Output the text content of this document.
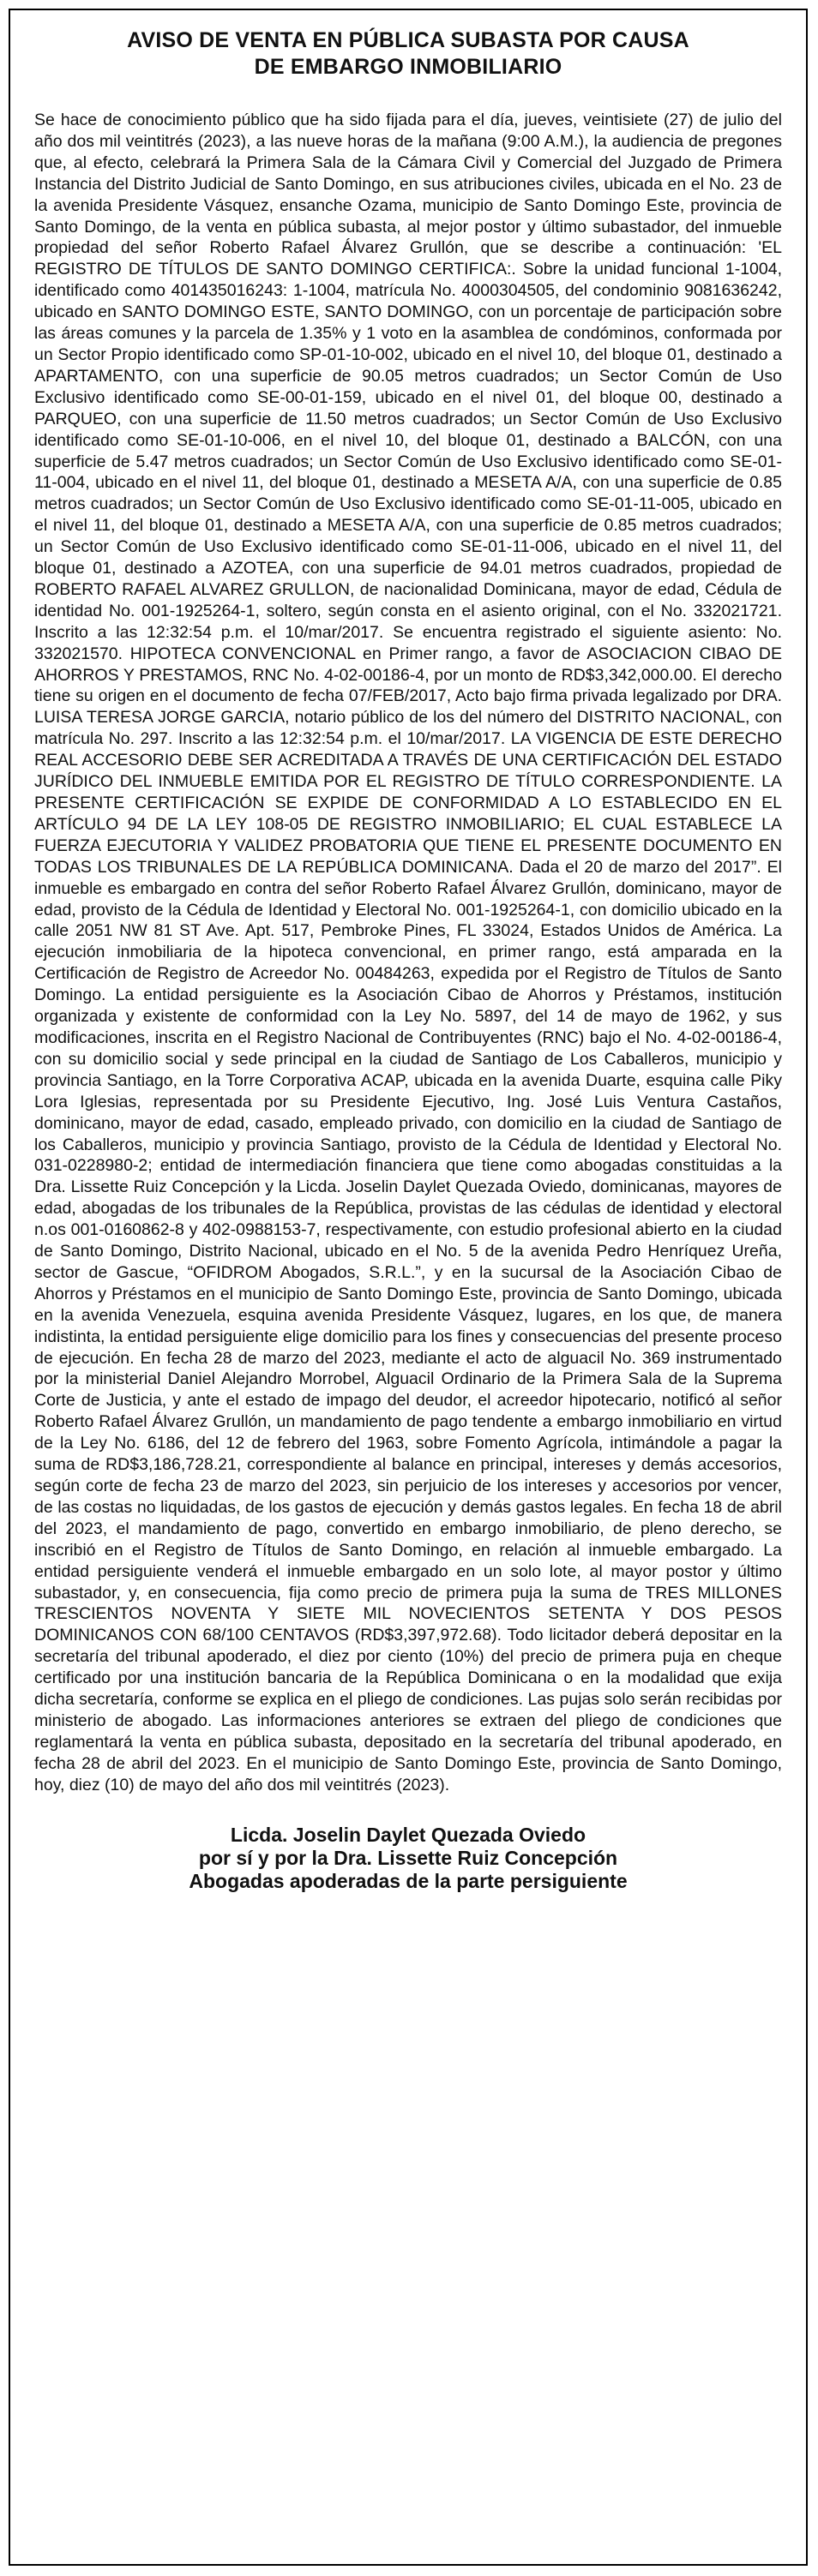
AVISO DE VENTA EN PÚBLICA SUBASTA POR CAUSA
DE EMBARGO INMOBILIARIO

Se hace de conocimiento público que ha sido fijada para el día, jueves, veintisiete (27) de julio del año dos mil veintitrés (2023), a las nueve horas de la mañana (9:00 A.M.), la audiencia de pregones que, al efecto, celebrará la Primera Sala de la Cámara Civil y Comercial del Juzgado de Primera Instancia del Distrito Judicial de Santo Domingo, en sus atribuciones civiles, ubicada en el No. 23 de la avenida Presidente Vásquez, ensanche Ozama, municipio de Santo Domingo Este, provincia de Santo Domingo, de la venta en pública subasta, al mejor postor y último subastador, del inmueble propiedad del señor Roberto Rafael Álvarez Grullón, que se describe a continuación: 'EL REGISTRO DE TÍTULOS DE SANTO DOMINGO CERTIFICA:. Sobre la unidad funcional 1-1004, identificado como 401435016243: 1-1004, matrícula No. 4000304505, del condominio 9081636242, ubicado en SANTO DOMINGO ESTE, SANTO DOMINGO, con un porcentaje de participación sobre las áreas comunes y la parcela de 1.35% y 1 voto en la asamblea de condóminos, conformada por un Sector Propio identificado como SP-01-10-002, ubicado en el nivel 10, del bloque 01, destinado a APARTAMENTO, con una superficie de 90.05 metros cuadrados; un Sector Común de Uso Exclusivo identificado como SE-00-01-159, ubicado en el nivel 01, del bloque 00, destinado a PARQUEO, con una superficie de 11.50 metros cuadrados; un Sector Común de Uso Exclusivo identificado como SE-01-10-006, en el nivel 10, del bloque 01, destinado a BALCÓN, con una superficie de 5.47 metros cuadrados; un Sector Común de Uso Exclusivo identificado como SE-01-11-004, ubicado en el nivel 11, del bloque 01, destinado a MESETA A/A, con una superficie de 0.85 metros cuadrados; un Sector Común de Uso Exclusivo identificado como SE-01-11-005, ubicado en el nivel 11, del bloque 01, destinado a MESETA A/A, con una superficie de 0.85 metros cuadrados; un Sector Común de Uso Exclusivo identificado como SE-01-11-006, ubicado en el nivel 11, del bloque 01, destinado a AZOTEA, con una superficie de 94.01 metros cuadrados, propiedad de ROBERTO RAFAEL ALVAREZ GRULLON, de nacionalidad Dominicana, mayor de edad, Cédula de identidad No. 001-1925264-1, soltero, según consta en el asiento original, con el No. 332021721. Inscrito a las 12:32:54 p.m. el 10/mar/2017. Se encuentra registrado el siguiente asiento: No. 332021570. HIPOTECA CONVENCIONAL en Primer rango, a favor de ASOCIACION CIBAO DE AHORROS Y PRESTAMOS, RNC No. 4-02-00186-4, por un monto de RD$3,342,000.00. El derecho tiene su origen en el documento de fecha 07/FEB/2017, Acto bajo firma privada legalizado por DRA. LUISA TERESA JORGE GARCIA, notario público de los del número del DISTRITO NACIONAL, con matrícula No. 297. Inscrito a las 12:32:54 p.m. el 10/mar/2017. LA VIGENCIA DE ESTE DERECHO REAL ACCESORIO DEBE SER ACREDITADA A TRAVÉS DE UNA CERTIFICACIÓN DEL ESTADO JURÍDICO DEL INMUEBLE EMITIDA POR EL REGISTRO DE TÍTULO CORRESPONDIENTE. LA PRESENTE CERTIFICACIÓN SE EXPIDE DE CONFORMIDAD A LO ESTABLECIDO EN EL ARTÍCULO 94 DE LA LEY 108-05 DE REGISTRO INMOBILIARIO; EL CUAL ESTABLECE LA FUERZA EJECUTORIA Y VALIDEZ PROBATORIA QUE TIENE EL PRESENTE DOCUMENTO EN TODAS LOS TRIBUNALES DE LA REPÚBLICA DOMINICANA. Dada el 20 de marzo del 2017”. El inmueble es embargado en contra del señor Roberto Rafael Álvarez Grullón, dominicano, mayor de edad, provisto de la Cédula de Identidad y Electoral No. 001-1925264-1, con domicilio ubicado en la calle 2051 NW 81 ST Ave. Apt. 517, Pembroke Pines, FL 33024, Estados Unidos de América. La ejecución inmobiliaria de la hipoteca convencional, en primer rango, está amparada en la Certificación de Registro de Acreedor No. 00484263, expedida por el Registro de Títulos de Santo Domingo. La entidad persiguiente es la Asociación Cibao de Ahorros y Préstamos, institución organizada y existente de conformidad con la Ley No. 5897, del 14 de mayo de 1962, y sus modificaciones, inscrita en el Registro Nacional de Contribuyentes (RNC) bajo el No. 4-02-00186-4, con su domicilio social y sede principal en la ciudad de Santiago de Los Caballeros, municipio y provincia Santiago, en la Torre Corporativa ACAP, ubicada en la avenida Duarte, esquina calle Piky Lora Iglesias, representada por su Presidente Ejecutivo, Ing. José Luis Ventura Castaños, dominicano, mayor de edad, casado, empleado privado, con domicilio en la ciudad de Santiago de los Caballeros, municipio y provincia Santiago, provisto de la Cédula de Identidad y Electoral No. 031-0228980-2; entidad de intermediación financiera que tiene como abogadas constituidas a la Dra. Lissette Ruiz Concepción y la Licda. Joselin Daylet Quezada Oviedo, dominicanas, mayores de edad, abogadas de los tribunales de la República, provistas de las cédulas de identidad y electoral n.os 001-0160862-8 y 402-0988153-7, respectivamente, con estudio profesional abierto en la ciudad de Santo Domingo, Distrito Nacional, ubicado en el No. 5 de la avenida Pedro Henríquez Ureña, sector de Gascue, “OFIDROM Abogados, S.R.L.”, y en la sucursal de la Asociación Cibao de Ahorros y Préstamos en el municipio de Santo Domingo Este, provincia de Santo Domingo, ubicada en la avenida Venezuela, esquina avenida Presidente Vásquez, lugares, en los que, de manera indistinta, la entidad persiguiente elige domicilio para los fines y consecuencias del presente proceso de ejecución. En fecha 28 de marzo del 2023, mediante el acto de alguacil No. 369 instrumentado por la ministerial Daniel Alejandro Morrobel, Alguacil Ordinario de la Primera Sala de la Suprema Corte de Justicia, y ante el estado de impago del deudor, el acreedor hipotecario, notificó al señor Roberto Rafael Álvarez Grullón, un mandamiento de pago tendente a embargo inmobiliario en virtud de la Ley No. 6186, del 12 de febrero del 1963, sobre Fomento Agrícola, intimándole a pagar la suma de RD$3,186,728.21, correspondiente al balance en principal, intereses y demás accesorios, según corte de fecha 23 de marzo del 2023, sin perjuicio de los intereses y accesorios por vencer, de las costas no liquidadas, de los gastos de ejecución y demás gastos legales. En fecha 18 de abril del 2023, el mandamiento de pago, convertido en embargo inmobiliario, de pleno derecho, se inscribió en el Registro de Títulos de Santo Domingo, en relación al inmueble embargado. La entidad persiguiente venderá el inmueble embargado en un solo lote, al mayor postor y último subastador, y, en consecuencia, fija como precio de primera puja la suma de TRES MILLONES TRESCIENTOS NOVENTA Y SIETE MIL NOVECIENTOS SETENTA Y DOS PESOS DOMINICANOS CON 68/100 CENTAVOS (RD$3,397,972.68). Todo licitador deberá depositar en la secretaría del tribunal apoderado, el diez por ciento (10%) del precio de primera puja en cheque certificado por una institución bancaria de la República Dominicana o en la modalidad que exija dicha secretaría, conforme se explica en el pliego de condiciones. Las pujas solo serán recibidas por ministerio de abogado. Las informaciones anteriores se extraen del pliego de condiciones que reglamentará la venta en pública subasta, depositado en la secretaría del tribunal apoderado, en fecha 28 de abril del 2023. En el municipio de Santo Domingo Este, provincia de Santo Domingo, hoy, diez (10) de mayo del año dos mil veintitrés (2023).

Licda. Joselin Daylet Quezada Oviedo
por sí y por la Dra. Lissette Ruiz Concepción
Abogadas apoderadas de la parte persiguiente
